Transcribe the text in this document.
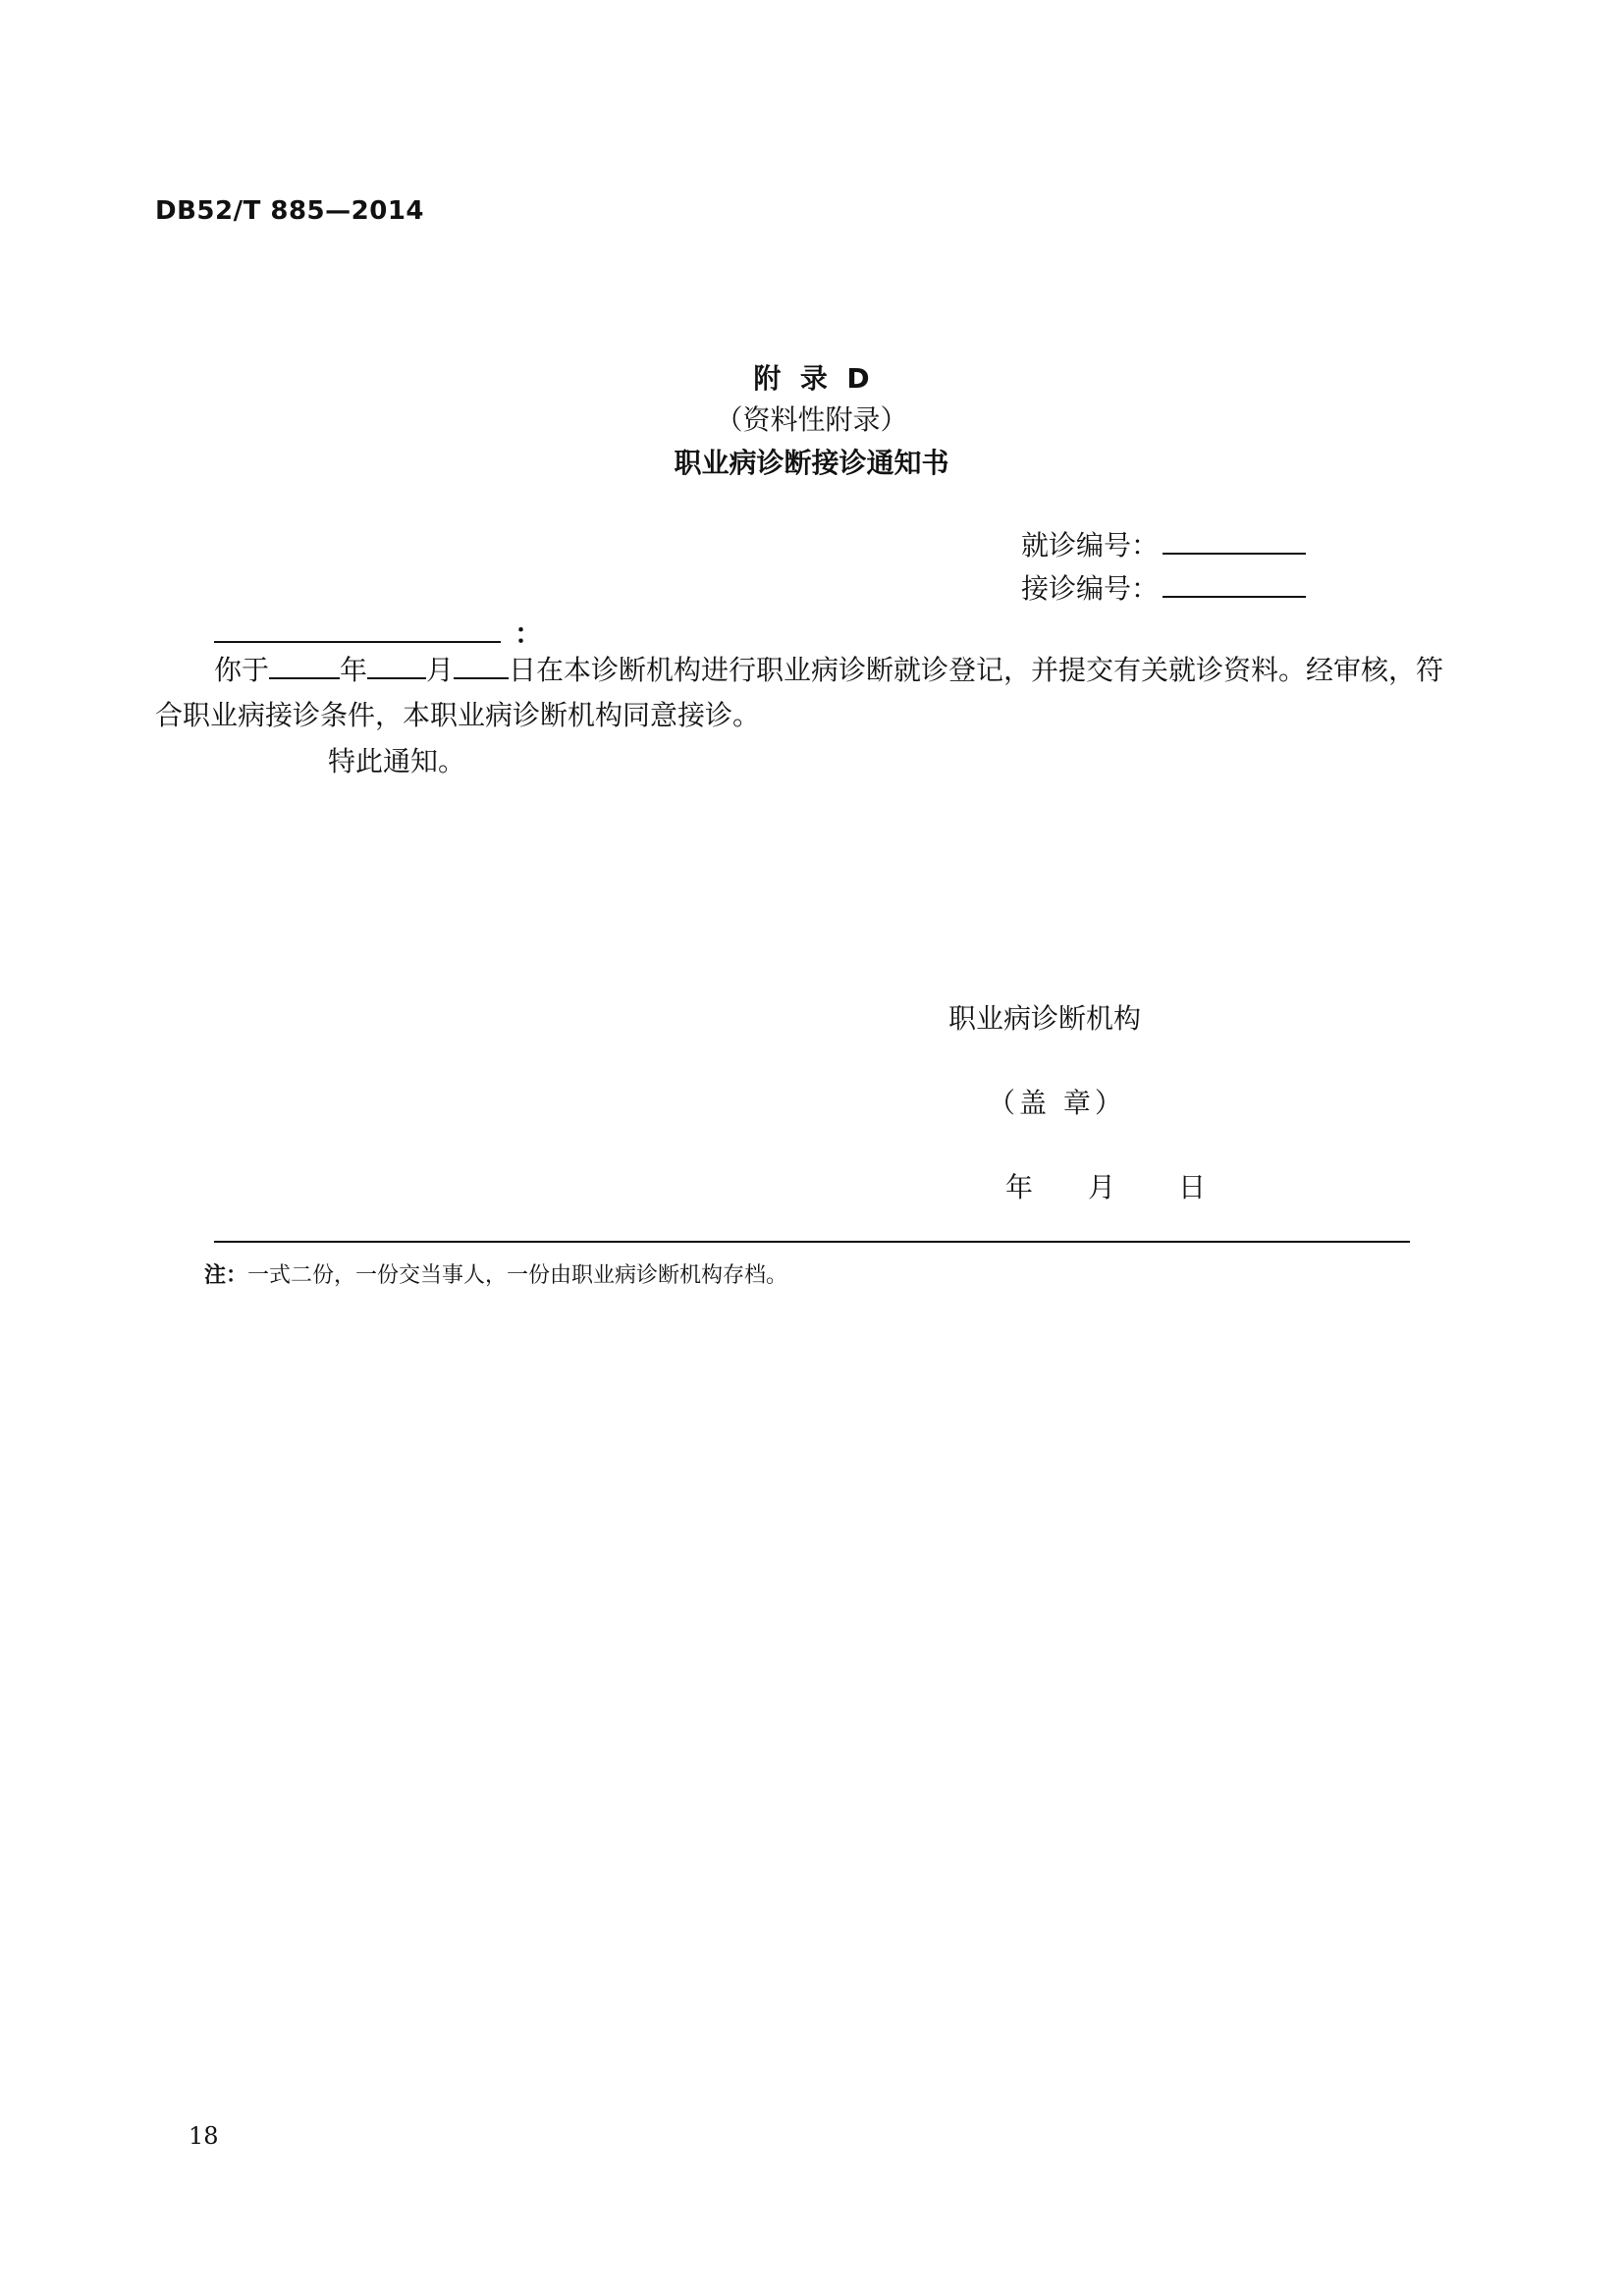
DB52/T 885—2014
附  录  D
（资料性附录）
职业病诊断接诊通知书
就诊编号：
接诊编号：
：
你于	年 月 日在本诊断机构进行职业病诊断就诊登记，并提交有关就诊资料。经审核，符合职业病接诊条件，本职业病诊断机构同意接诊。
特此通知。
职业病诊断机构
（盖 章）
年 月 日
注：一式二份，一份交当事人，一份由职业病诊断机构存档。
18
